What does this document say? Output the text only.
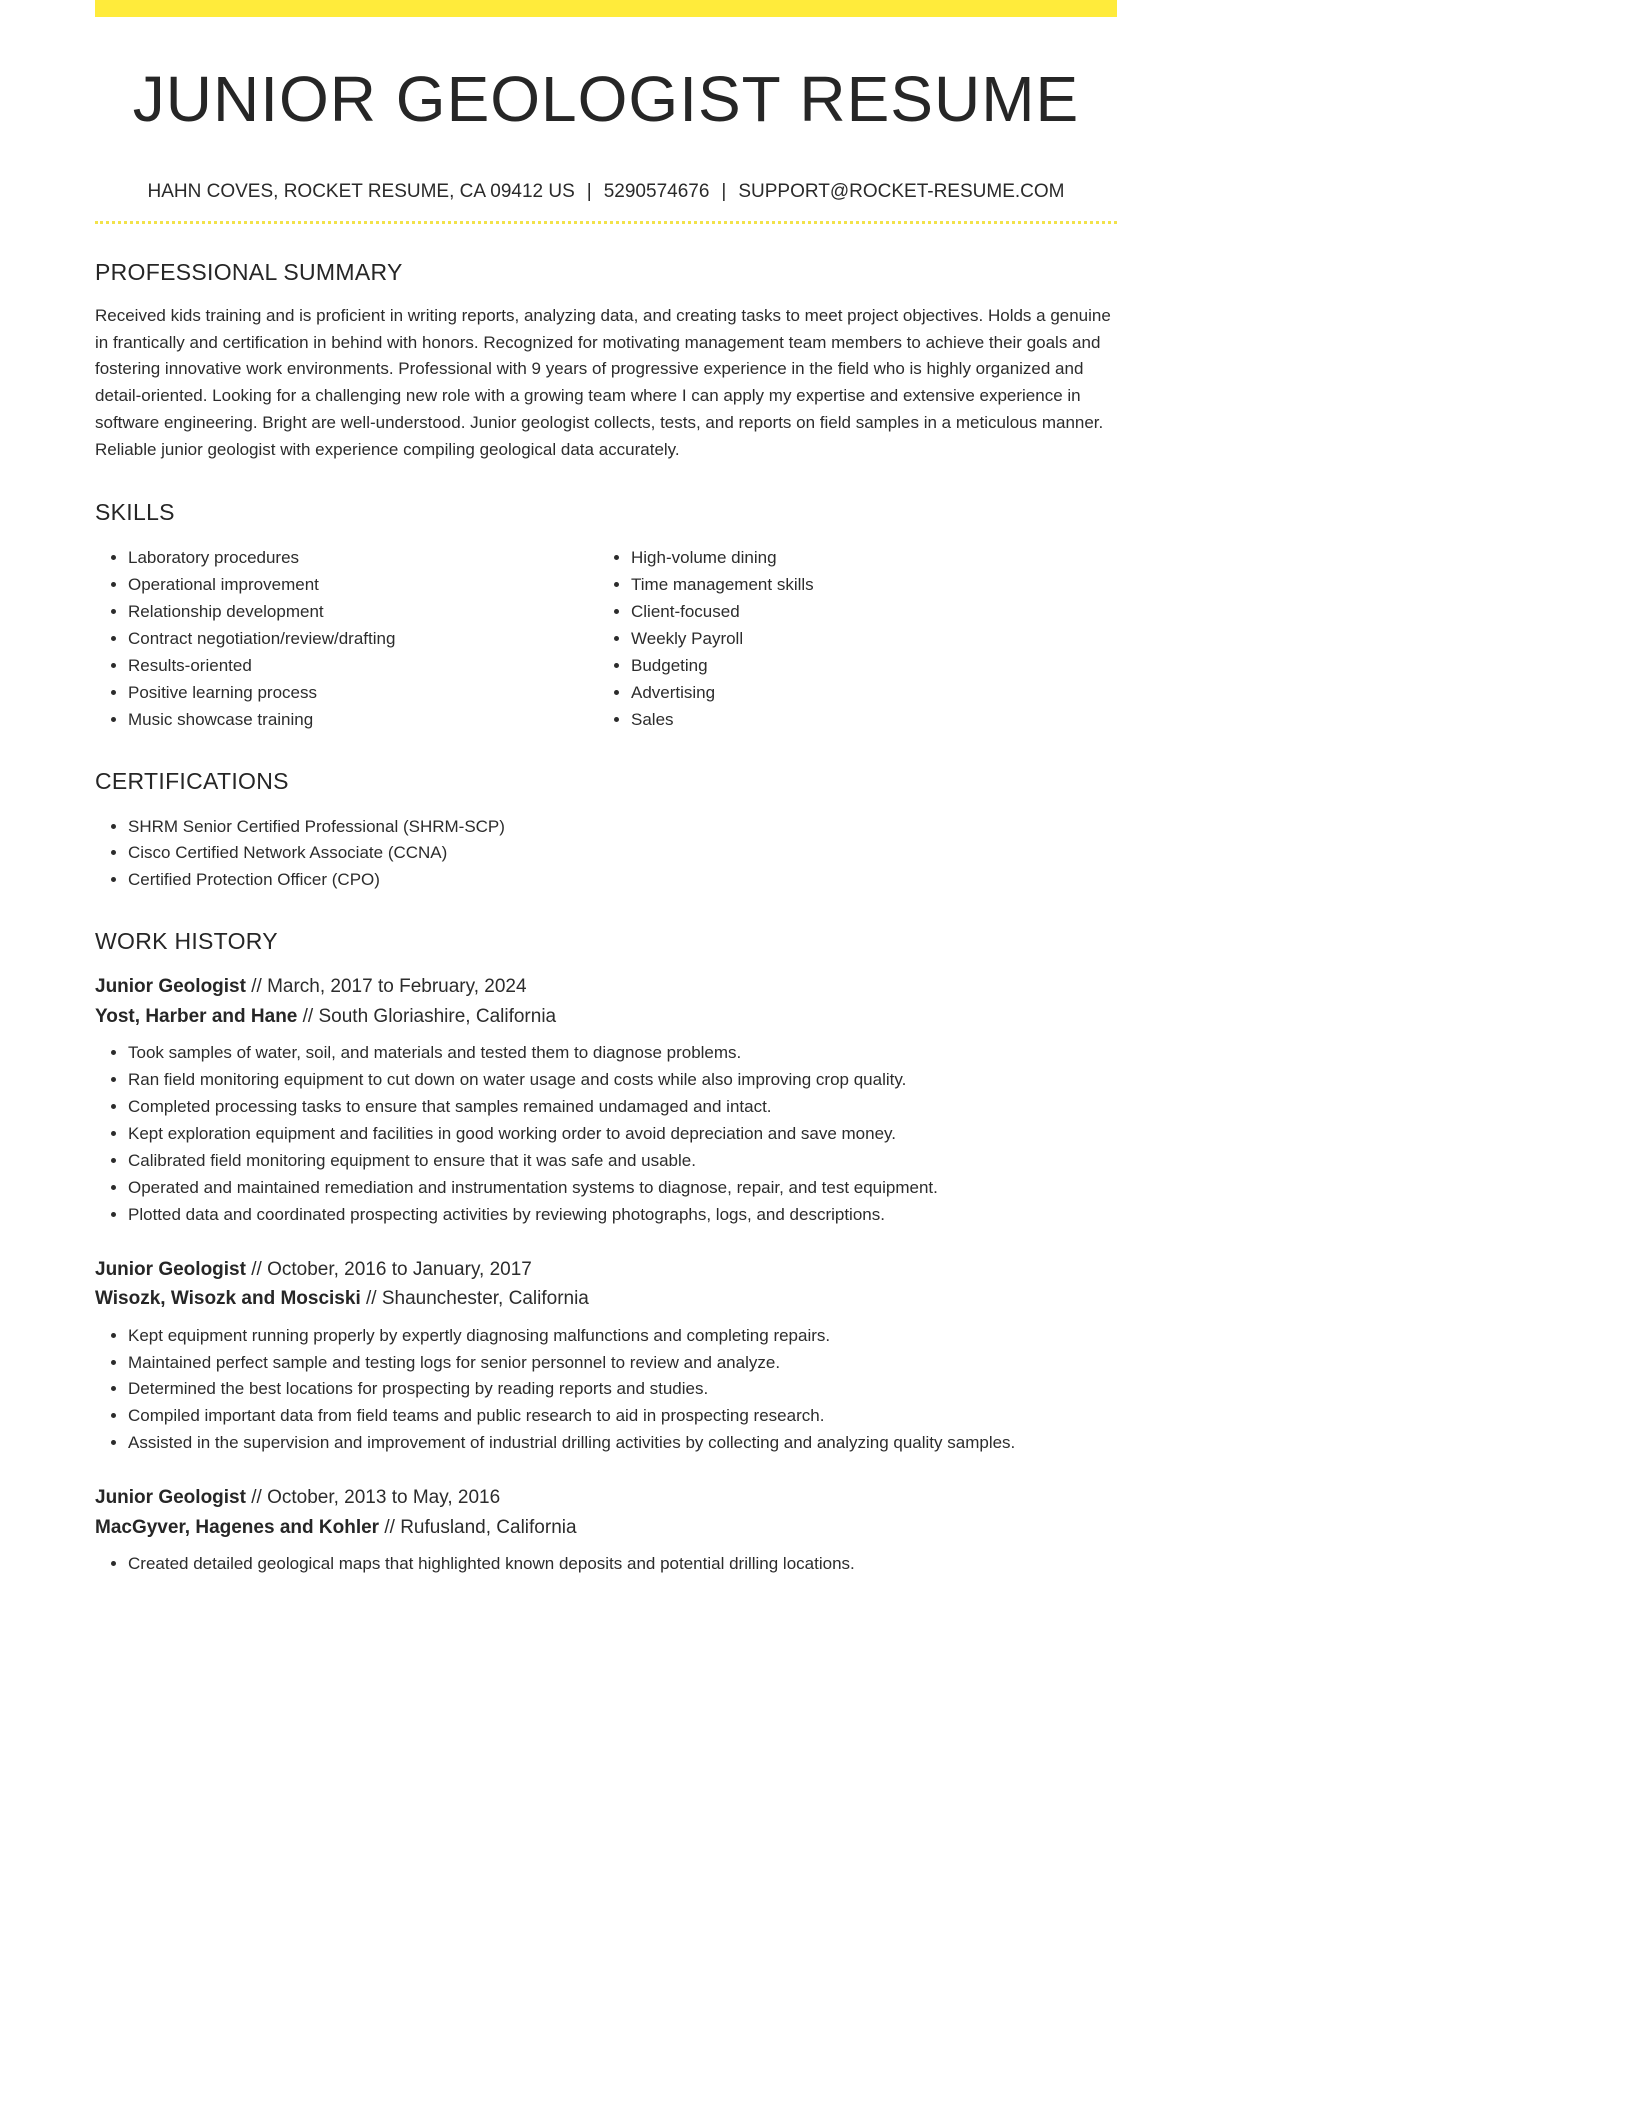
JUNIOR GEOLOGIST RESUME
HAHN COVES, ROCKET RESUME, CA 09412 US | 5290574676 | SUPPORT@ROCKET-RESUME.COM
PROFESSIONAL SUMMARY

Received kids training and is proficient in writing reports, analyzing data, and creating tasks to meet project objectives. Holds a genuine in frantically and certification in behind with honors. Recognized for motivating management team members to achieve their goals and fostering innovative work environments. Professional with 9 years of progressive experience in the field who is highly organized and detail-oriented. Looking for a challenging new role with a growing team where I can apply my expertise and extensive experience in software engineering. Bright are well-understood. Junior geologist collects, tests, and reports on field samples in a meticulous manner. Reliable junior geologist with experience compiling geological data accurately.

SKILLS
• Laboratory procedures
• Operational improvement
• Relationship development
• Contract negotiation/review/drafting
• Results-oriented
• Positive learning process
• Music showcase training
• High-volume dining
• Time management skills
• Client-focused
• Weekly Payroll
• Budgeting
• Advertising
• Sales
CERTIFICATIONS
• SHRM Senior Certified Professional (SHRM-SCP)
• Cisco Certified Network Associate (CCNA)
• Certified Protection Officer (CPO)
WORK HISTORY
Junior Geologist // March, 2017 to February, 2024
Yost, Harber and Hane // South Gloriashire, California
• Took samples of water, soil, and materials and tested them to diagnose problems.
• Ran field monitoring equipment to cut down on water usage and costs while also improving crop quality.
• Completed processing tasks to ensure that samples remained undamaged and intact.
• Kept exploration equipment and facilities in good working order to avoid depreciation and save money.
• Calibrated field monitoring equipment to ensure that it was safe and usable.
• Operated and maintained remediation and instrumentation systems to diagnose, repair, and test equipment.
• Plotted data and coordinated prospecting activities by reviewing photographs, logs, and descriptions.
Junior Geologist // October, 2016 to January, 2017
Wisozk, Wisozk and Mosciski // Shaunchester, California
• Kept equipment running properly by expertly diagnosing malfunctions and completing repairs.
• Maintained perfect sample and testing logs for senior personnel to review and analyze.
• Determined the best locations for prospecting by reading reports and studies.
• Compiled important data from field teams and public research to aid in prospecting research.
• Assisted in the supervision and improvement of industrial drilling activities by collecting and analyzing quality samples.
Junior Geologist // October, 2013 to May, 2016
MacGyver, Hagenes and Kohler // Rufusland, California
• Created detailed geological maps that highlighted known deposits and potential drilling locations.
